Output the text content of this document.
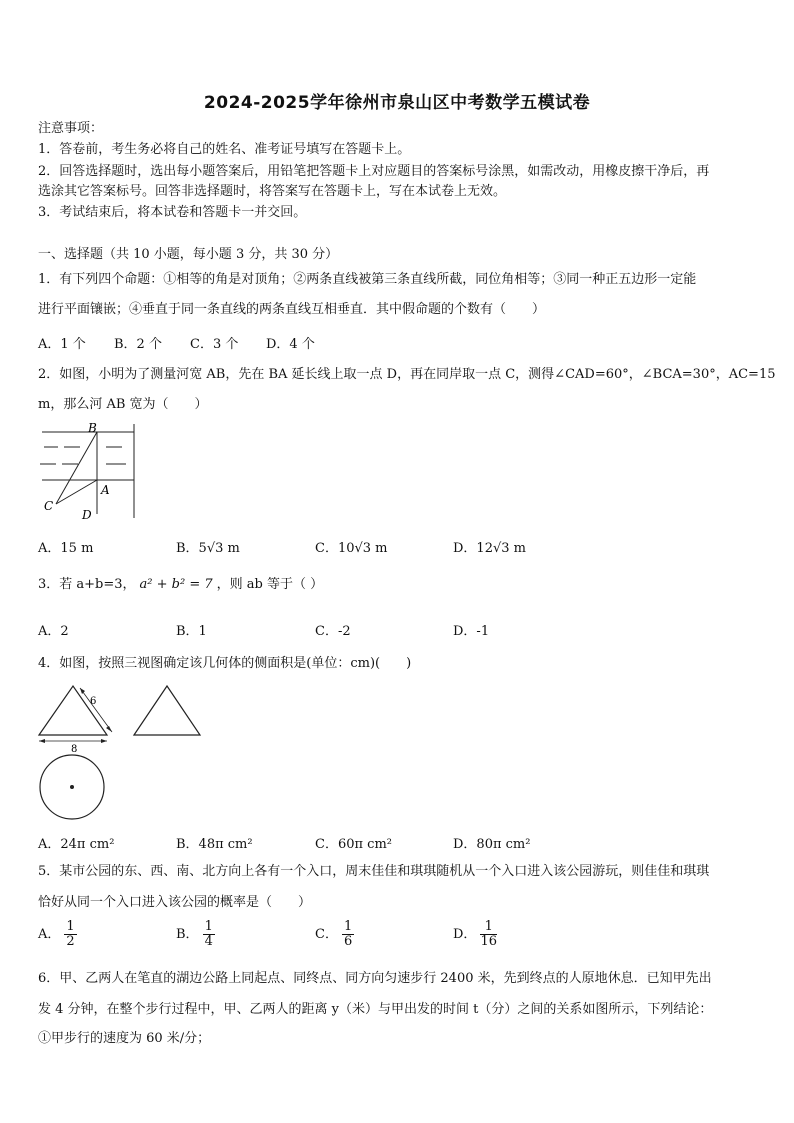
2024-2025学年徐州市泉山区中考数学五模试卷
注意事项：
1．答卷前，考生务必将自己的姓名、准考证号填写在答题卡上。
2．回答选择题时，选出每小题答案后，用铅笔把答题卡上对应题目的答案标号涂黑，如需改动，用橡皮擦干净后，再
选涂其它答案标号。回答非选择题时，将答案写在答题卡上，写在本试卷上无效。
3．考试结束后，将本试卷和答题卡一并交回。
一、选择题（共 10 小题，每小题 3 分，共 30 分）
1．有下列四个命题：①相等的角是对顶角；②两条直线被第三条直线所截，同位角相等；③同一种正五边形一定能
进行平面镶嵌；④垂直于同一条直线的两条直线互相垂直．其中假命题的个数有（　　）
A．1 个 B．2 个 C．3 个 D．4 个
2．如图，小明为了测量河宽 AB，先在 BA 延长线上取一点 D，再在同岸取一点 C，测得∠CAD=60°，∠BCA=30°，AC=15
m，那么河 AB 宽为（　　）
B
A
C
D
A．15 m	B．5√3 m	C．10√3 m	D．12√3 m
3．若 a+b=3， a² + b² = 7 ，则 ab 等于（ ）
A．2	B．1	C．-2	D．-1
4．如图，按照三视图确定该几何体的侧面积是(单位：cm)(　　)
6
8
A．24π cm²	B．48π cm²	C．60π cm²	D．80π cm²
5．某市公园的东、西、南、北方向上各有一个入口，周末佳佳和琪琪随机从一个入口进入该公园游玩，则佳佳和琪琪
恰好从同一个入口进入该公园的概率是（　　）
A． $\frac{1}{2}$	B． $\frac{1}{4}$	C． $\frac{1}{6}$	D． $\frac{1}{16}$
6．甲、乙两人在笔直的湖边公路上同起点、同终点、同方向匀速步行 2400 米，先到终点的人原地休息．已知甲先出
发 4 分钟，在整个步行过程中，甲、乙两人的距离 y（米）与甲出发的时间 t（分）之间的关系如图所示，下列结论：
①甲步行的速度为 60 米/分；
